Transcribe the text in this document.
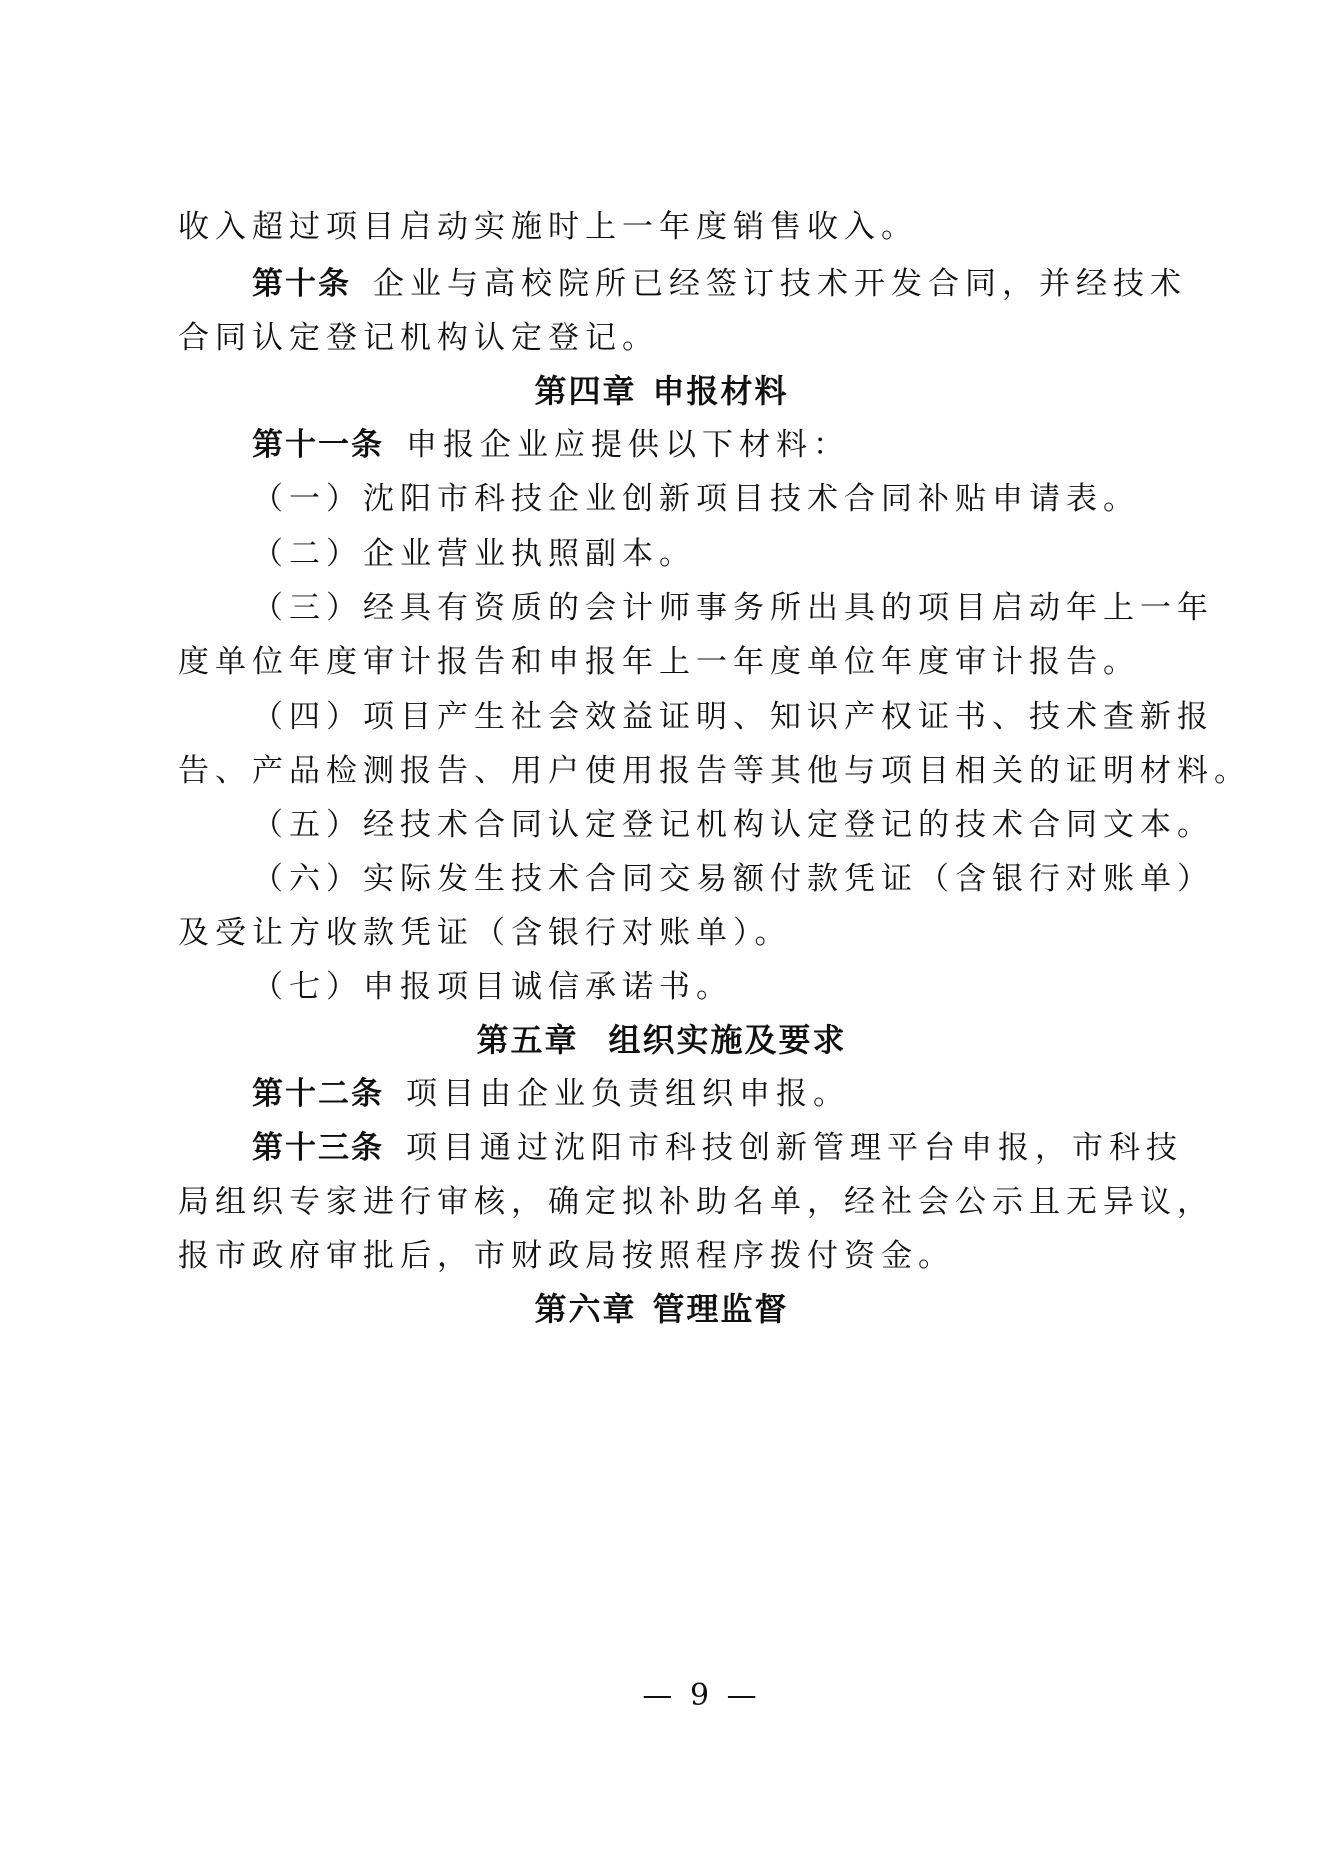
收入超过项目启动实施时上一年度销售收入。
第十条 企业与高校院所已经签订技术开发合同，并经技术
合同认定登记机构认定登记。
第四章 申报材料
第十一条 申报企业应提供以下材料：
（一）沈阳市科技企业创新项目技术合同补贴申请表。
（二）企业营业执照副本。
（三）经具有资质的会计师事务所出具的项目启动年上一年
度单位年度审计报告和申报年上一年度单位年度审计报告。
（四）项目产生社会效益证明、知识产权证书、技术查新报
告、产品检测报告、用户使用报告等其他与项目相关的证明材料。
（五）经技术合同认定登记机构认定登记的技术合同文本。
（六）实际发生技术合同交易额付款凭证（含银行对账单）
及受让方收款凭证（含银行对账单）。
（七）申报项目诚信承诺书。
第五章 组织实施及要求
第十二条 项目由企业负责组织申报。
第十三条 项目通过沈阳市科技创新管理平台申报，市科技
局组织专家进行审核，确定拟补助名单，经社会公示且无异议，
报市政府审批后，市财政局按照程序拨付资金。
第六章 管理监督
— 9 —
